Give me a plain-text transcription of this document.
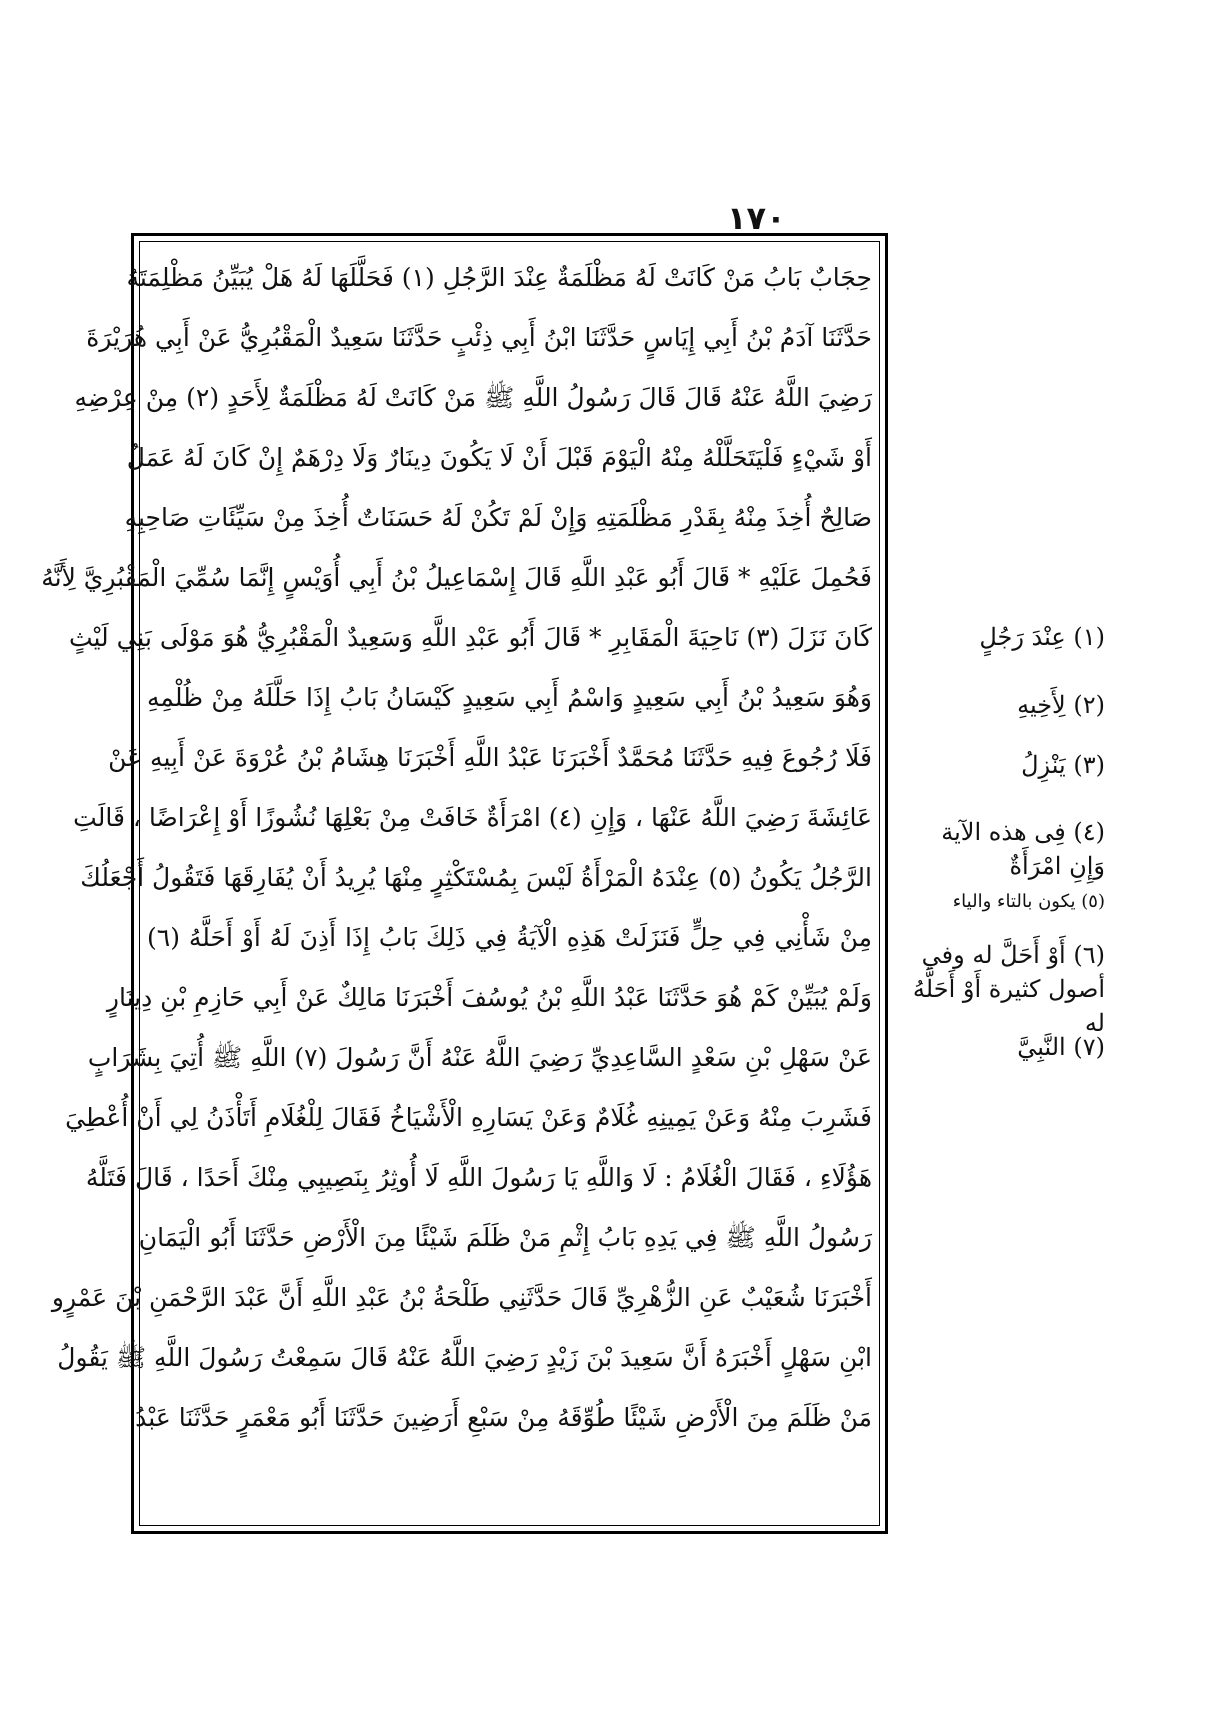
١٧٠
حِجَابٌ بَابُ مَنْ كَانَتْ لَهُ مَظْلَمَةٌ عِنْدَ الرَّجُلِ (١) فَحَلَّلَهَا لَهُ هَلْ يُبَيِّنُ مَظْلِمَتَهُ
حَدَّثَنَا آدَمُ بْنُ أَبِي إِيَاسٍ حَدَّثَنَا ابْنُ أَبِي ذِئْبٍ حَدَّثَنَا سَعِيدٌ الْمَقْبُرِيُّ عَنْ أَبِي هُرَيْرَةَ
رَضِيَ اللَّهُ عَنْهُ قَالَ قَالَ رَسُولُ اللَّهِ ﷺ مَنْ كَانَتْ لَهُ مَظْلَمَةٌ لِأَحَدٍ (٢) مِنْ عِرْضِهِ
أَوْ شَيْءٍ فَلْيَتَحَلَّلْهُ مِنْهُ الْيَوْمَ قَبْلَ أَنْ لَا يَكُونَ دِينَارٌ وَلَا دِرْهَمٌ إِنْ كَانَ لَهُ عَمَلٌ
صَالِحٌ أُخِذَ مِنْهُ بِقَدْرِ مَظْلَمَتِهِ وَإِنْ لَمْ تَكُنْ لَهُ حَسَنَاتٌ أُخِذَ مِنْ سَيِّئَاتِ صَاحِبِهِ
فَحُمِلَ عَلَيْهِ * قَالَ أَبُو عَبْدِ اللَّهِ قَالَ إِسْمَاعِيلُ بْنُ أَبِي أُوَيْسٍ إِنَّمَا سُمِّيَ الْمَقْبُرِيَّ لِأَنَّهُ
كَانَ نَزَلَ (٣) نَاحِيَةَ الْمَقَابِرِ * قَالَ أَبُو عَبْدِ اللَّهِ وَسَعِيدٌ الْمَقْبُرِيُّ هُوَ مَوْلَى بَنِي لَيْثٍ
وَهُوَ سَعِيدُ بْنُ أَبِي سَعِيدٍ وَاسْمُ أَبِي سَعِيدٍ كَيْسَانُ بَابُ إِذَا حَلَّلَهُ مِنْ ظُلْمِهِ
فَلَا رُجُوعَ فِيهِ حَدَّثَنَا مُحَمَّدٌ أَخْبَرَنَا عَبْدُ اللَّهِ أَخْبَرَنَا هِشَامُ بْنُ عُرْوَةَ عَنْ أَبِيهِ عَنْ
عَائِشَةَ رَضِيَ اللَّهُ عَنْهَا ، وَإِنِ (٤) امْرَأَةٌ خَافَتْ مِنْ بَعْلِهَا نُشُوزًا أَوْ إِعْرَاضًا ، قَالَتِ
الرَّجُلُ يَكُونُ (٥) عِنْدَهُ الْمَرْأَةُ لَيْسَ بِمُسْتَكْثِرٍ مِنْهَا يُرِيدُ أَنْ يُفَارِقَهَا فَتَقُولُ أَجْعَلُكَ
مِنْ شَأْنِي فِي حِلٍّ فَنَزَلَتْ هَذِهِ الْآيَةُ فِي ذَلِكَ بَابُ إِذَا أَذِنَ لَهُ أَوْ أَحَلَّهُ (٦)
وَلَمْ يُبَيِّنْ كَمْ هُوَ حَدَّثَنَا عَبْدُ اللَّهِ بْنُ يُوسُفَ أَخْبَرَنَا مَالِكٌ عَنْ أَبِي حَازِمِ بْنِ دِينَارٍ
عَنْ سَهْلِ بْنِ سَعْدٍ السَّاعِدِيِّ رَضِيَ اللَّهُ عَنْهُ أَنَّ رَسُولَ (٧) اللَّهِ ﷺ أُتِيَ بِشَرَابٍ
فَشَرِبَ مِنْهُ وَعَنْ يَمِينِهِ غُلَامٌ وَعَنْ يَسَارِهِ الْأَشْيَاخُ فَقَالَ لِلْغُلَامِ أَتَأْذَنُ لِي أَنْ أُعْطِيَ
هَؤُلَاءِ ، فَقَالَ الْغُلَامُ : لَا وَاللَّهِ يَا رَسُولَ اللَّهِ لَا أُوثِرُ بِنَصِيبِي مِنْكَ أَحَدًا ، قَالَ فَتَلَّهُ
رَسُولُ اللَّهِ ﷺ فِي يَدِهِ بَابُ إِثْمِ مَنْ ظَلَمَ شَيْئًا مِنَ الْأَرْضِ حَدَّثَنَا أَبُو الْيَمَانِ
أَخْبَرَنَا شُعَيْبٌ عَنِ الزُّهْرِيِّ قَالَ حَدَّثَنِي طَلْحَةُ بْنُ عَبْدِ اللَّهِ أَنَّ عَبْدَ الرَّحْمَنِ بْنَ عَمْرٍو
ابْنِ سَهْلٍ أَخْبَرَهُ أَنَّ سَعِيدَ بْنَ زَيْدٍ رَضِيَ اللَّهُ عَنْهُ قَالَ سَمِعْتُ رَسُولَ اللَّهِ ﷺ يَقُولُ
مَنْ ظَلَمَ مِنَ الْأَرْضِ شَيْئًا طُوِّقَهُ مِنْ سَبْعِ أَرَضِينَ حَدَّثَنَا أَبُو مَعْمَرٍ حَدَّثَنَا عَبْدُ
(١) عِنْدَ رَجُلٍ
(٢) لِأَخِيهِ
(٣) يَنْزِلُ
(٤) فِى هذه الآية وَإِنِ امْرَأَةٌ
(٥) يكون بالتاء والياء
(٦) أَوْ أَحَلَّ له وفي أصول كثيرة أَوْ أَحَلَّهُ له
(٧) النَّبِيَّ
